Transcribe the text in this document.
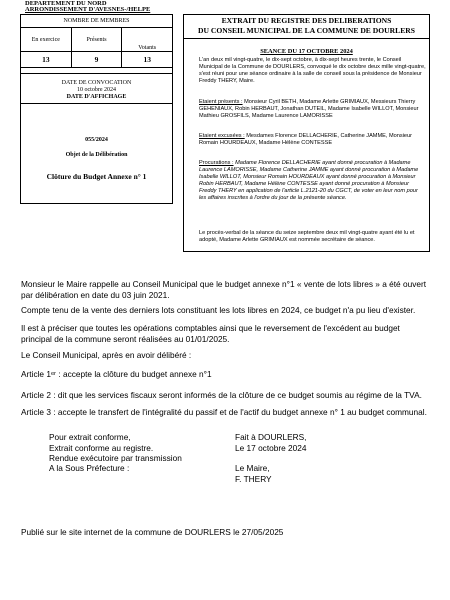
DEPARTEMENT DU NORD
ARRONDISSEMENT D'AVESNES-/HELPE
NOMBRE DE MEMBRES		
En exercice	Présents	Votants
13	9	13
DATE DE CONVOCATION
10 octobre 2024
DATE D'AFFICHAGE
055/2024
Objet de la Délibération
Clôture du Budget Annexe n° 1
EXTRAIT DU REGISTRE DES DELIBERATIONS
DU CONSEIL MUNICIPAL DE LA COMMUNE DE DOURLERS
SEANCE DU 17 OCTOBRE 2024
L'an deux mil vingt-quatre, le dix-sept octobre, à dix-sept heures trente, le Conseil Municipal de la Commune de DOURLERS, convoqué le dix octobre deux mille vingt-quatre, s'est réuni pour une séance ordinaire à la salle de conseil sous la présidence de Monsieur Freddy THERY, Maire.
Etaient présents : Monsieur Cyril BETH, Madame Arlette GRIMIAUX, Messieurs Thierry GEHENIAUX, Robin HERBAUT, Jonathan DUTEIL, Madame Isabelle WILLOT, Monsieur Mathieu GROSFILS, Madame Laurence LAMORISSE
Etaient excusées : Mesdames Florence DELLACHERIE, Catherine JAMME, Monsieur Romain HOURDEAUX, Madame Hélène CONTESSE
Procurations : Madame Florence DELLACHERIE ayant donné procuration à Madame Laurence LAMORISSE, Madame Catherine JAMME ayant donné procuration à Madame Isabelle WILLOT, Monsieur Romain HOURDEAUX ayant donné procuration à Monsieur Robin HERBAUT, Madame Hélène CONTESSE ayant donné procuration à Monsieur Freddy THERY en application de l'article L.2121-20 du CGCT, de voter en leur nom pour les affaires inscrites à l'ordre du jour de la présente séance.
Le procès-verbal de la séance du seize septembre deux mil vingt-quatre ayant été lu et adopté, Madame Arlette GRIMIAUX est nommée secrétaire de séance.
Monsieur le Maire rappelle au Conseil Municipal que le budget annexe n°1 « vente de lots libres » a été ouvert par délibération en date du 03 juin 2021.
Compte tenu de la vente des derniers lots constituant les lots libres en 2024, ce budget n'a pu lieu d'exister.
Il est à préciser que toutes les opérations comptables ainsi que le reversement de l'excédent au budget principal de la commune seront réalisées au 01/01/2025.
Le Conseil Municipal, après en avoir délibéré :
Article 1ᵉʳ : accepte la clôture du budget annexe n°1
Article 2 : dit que les services fiscaux seront informés de la clôture de ce budget soumis au régime de la TVA.
Article 3 : accepte le transfert de l'intégralité du passif et de l'actif du budget annexe n° 1 au budget communal.
Pour extrait conforme,
Extrait conforme au registre.
Rendue exécutoire par transmission
A la Sous Préfecture :
Fait à DOURLERS,
Le 17 octobre 2024
Le Maire,
F. THERY
Publié sur le site internet de la commune de DOURLERS le 27/05/2025
